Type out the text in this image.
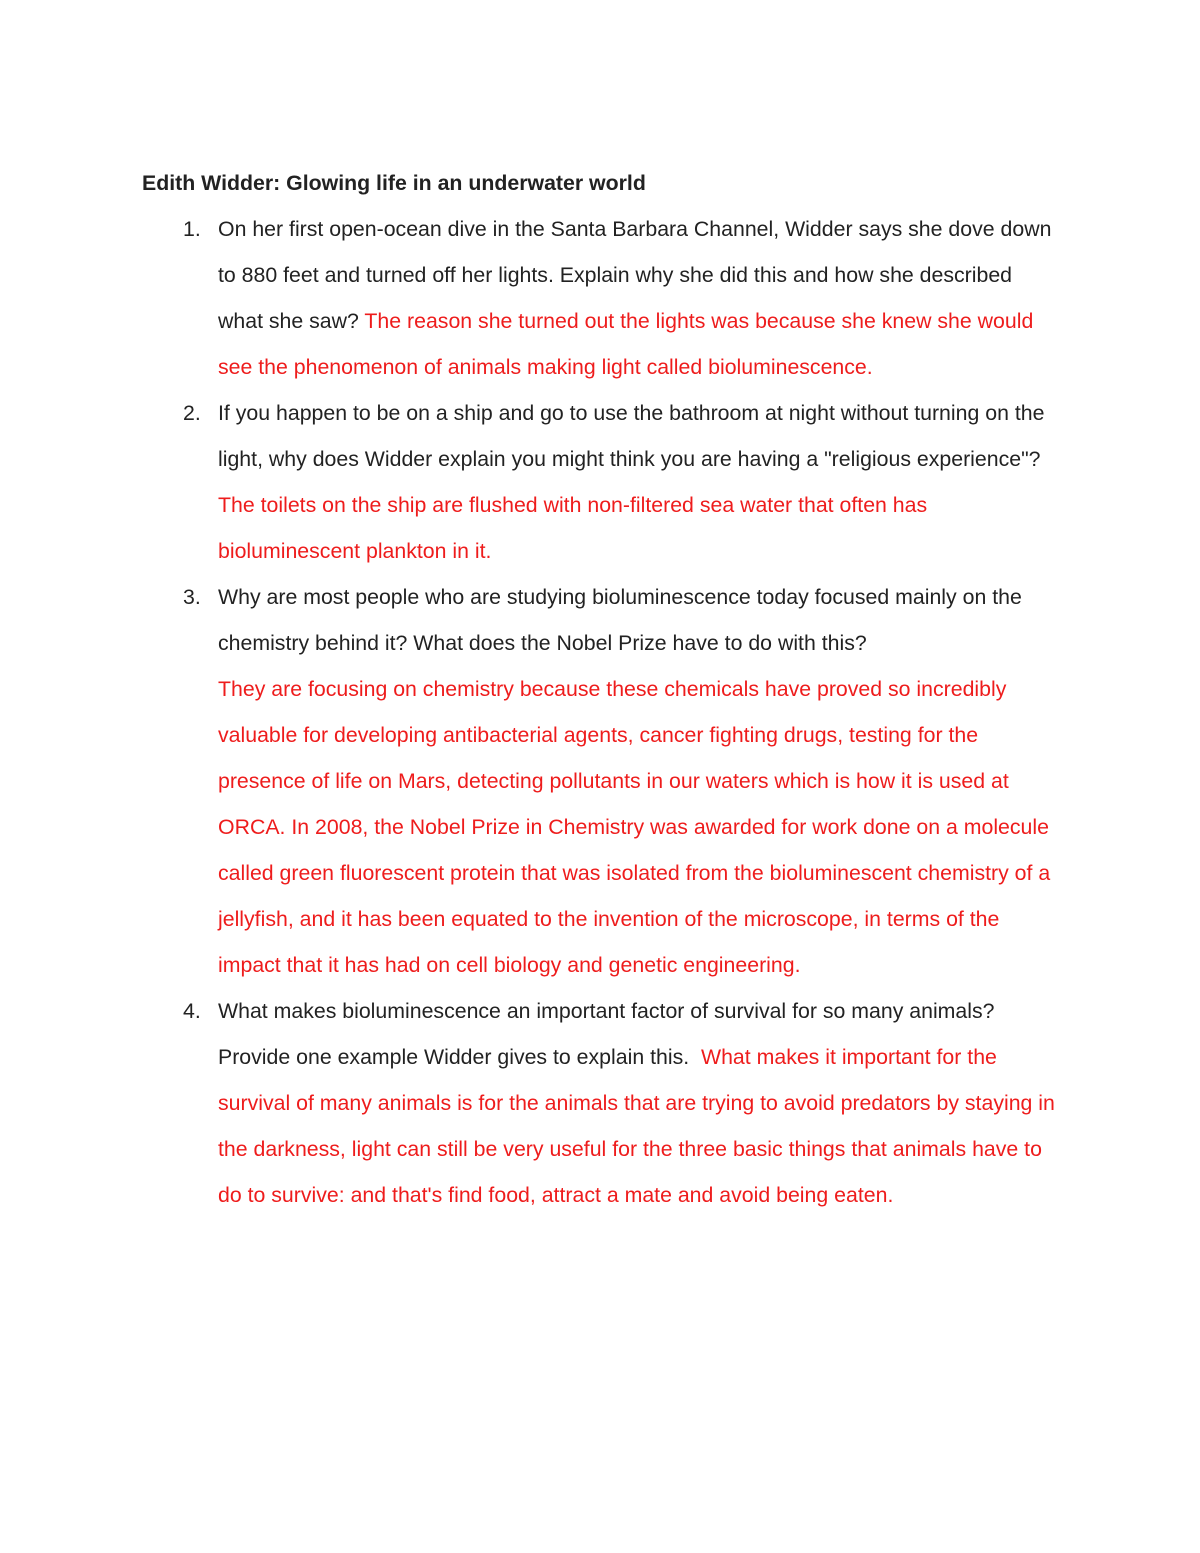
Edith Widder: Glowing life in an underwater world
1. On her first open-ocean dive in the Santa Barbara Channel, Widder says she dove down to 880 feet and turned off her lights. Explain why she did this and how she described what she saw? The reason she turned out the lights was because she knew she would see the phenomenon of animals making light called bioluminescence.
2. If you happen to be on a ship and go to use the bathroom at night without turning on the light, why does Widder explain you might think you are having a "religious experience"?The toilets on the ship are flushed with non-filtered sea water that often has bioluminescent plankton in it.
3. Why are most people who are studying bioluminescence today focused mainly on the chemistry behind it? What does the Nobel Prize have to do with this?
They are focusing on chemistry because these chemicals have proved so incredibly valuable for developing antibacterial agents, cancer fighting drugs, testing for the presence of life on Mars, detecting pollutants in our waters which is how it is used at ORCA. In 2008, the Nobel Prize in Chemistry was awarded for work done on a molecule called green fluorescent protein that was isolated from the bioluminescent chemistry of a jellyfish, and it has been equated to the invention of the microscope, in terms of the impact that it has had on cell biology and genetic engineering.
4. What makes bioluminescence an important factor of survival for so many animals? Provide one example Widder gives to explain this.  What makes it important for the survival of many animals is for the animals that are trying to avoid predators by staying in the darkness, light can still be very useful for the three basic things that animals have to do to survive: and that's find food, attract a mate and avoid being eaten.
